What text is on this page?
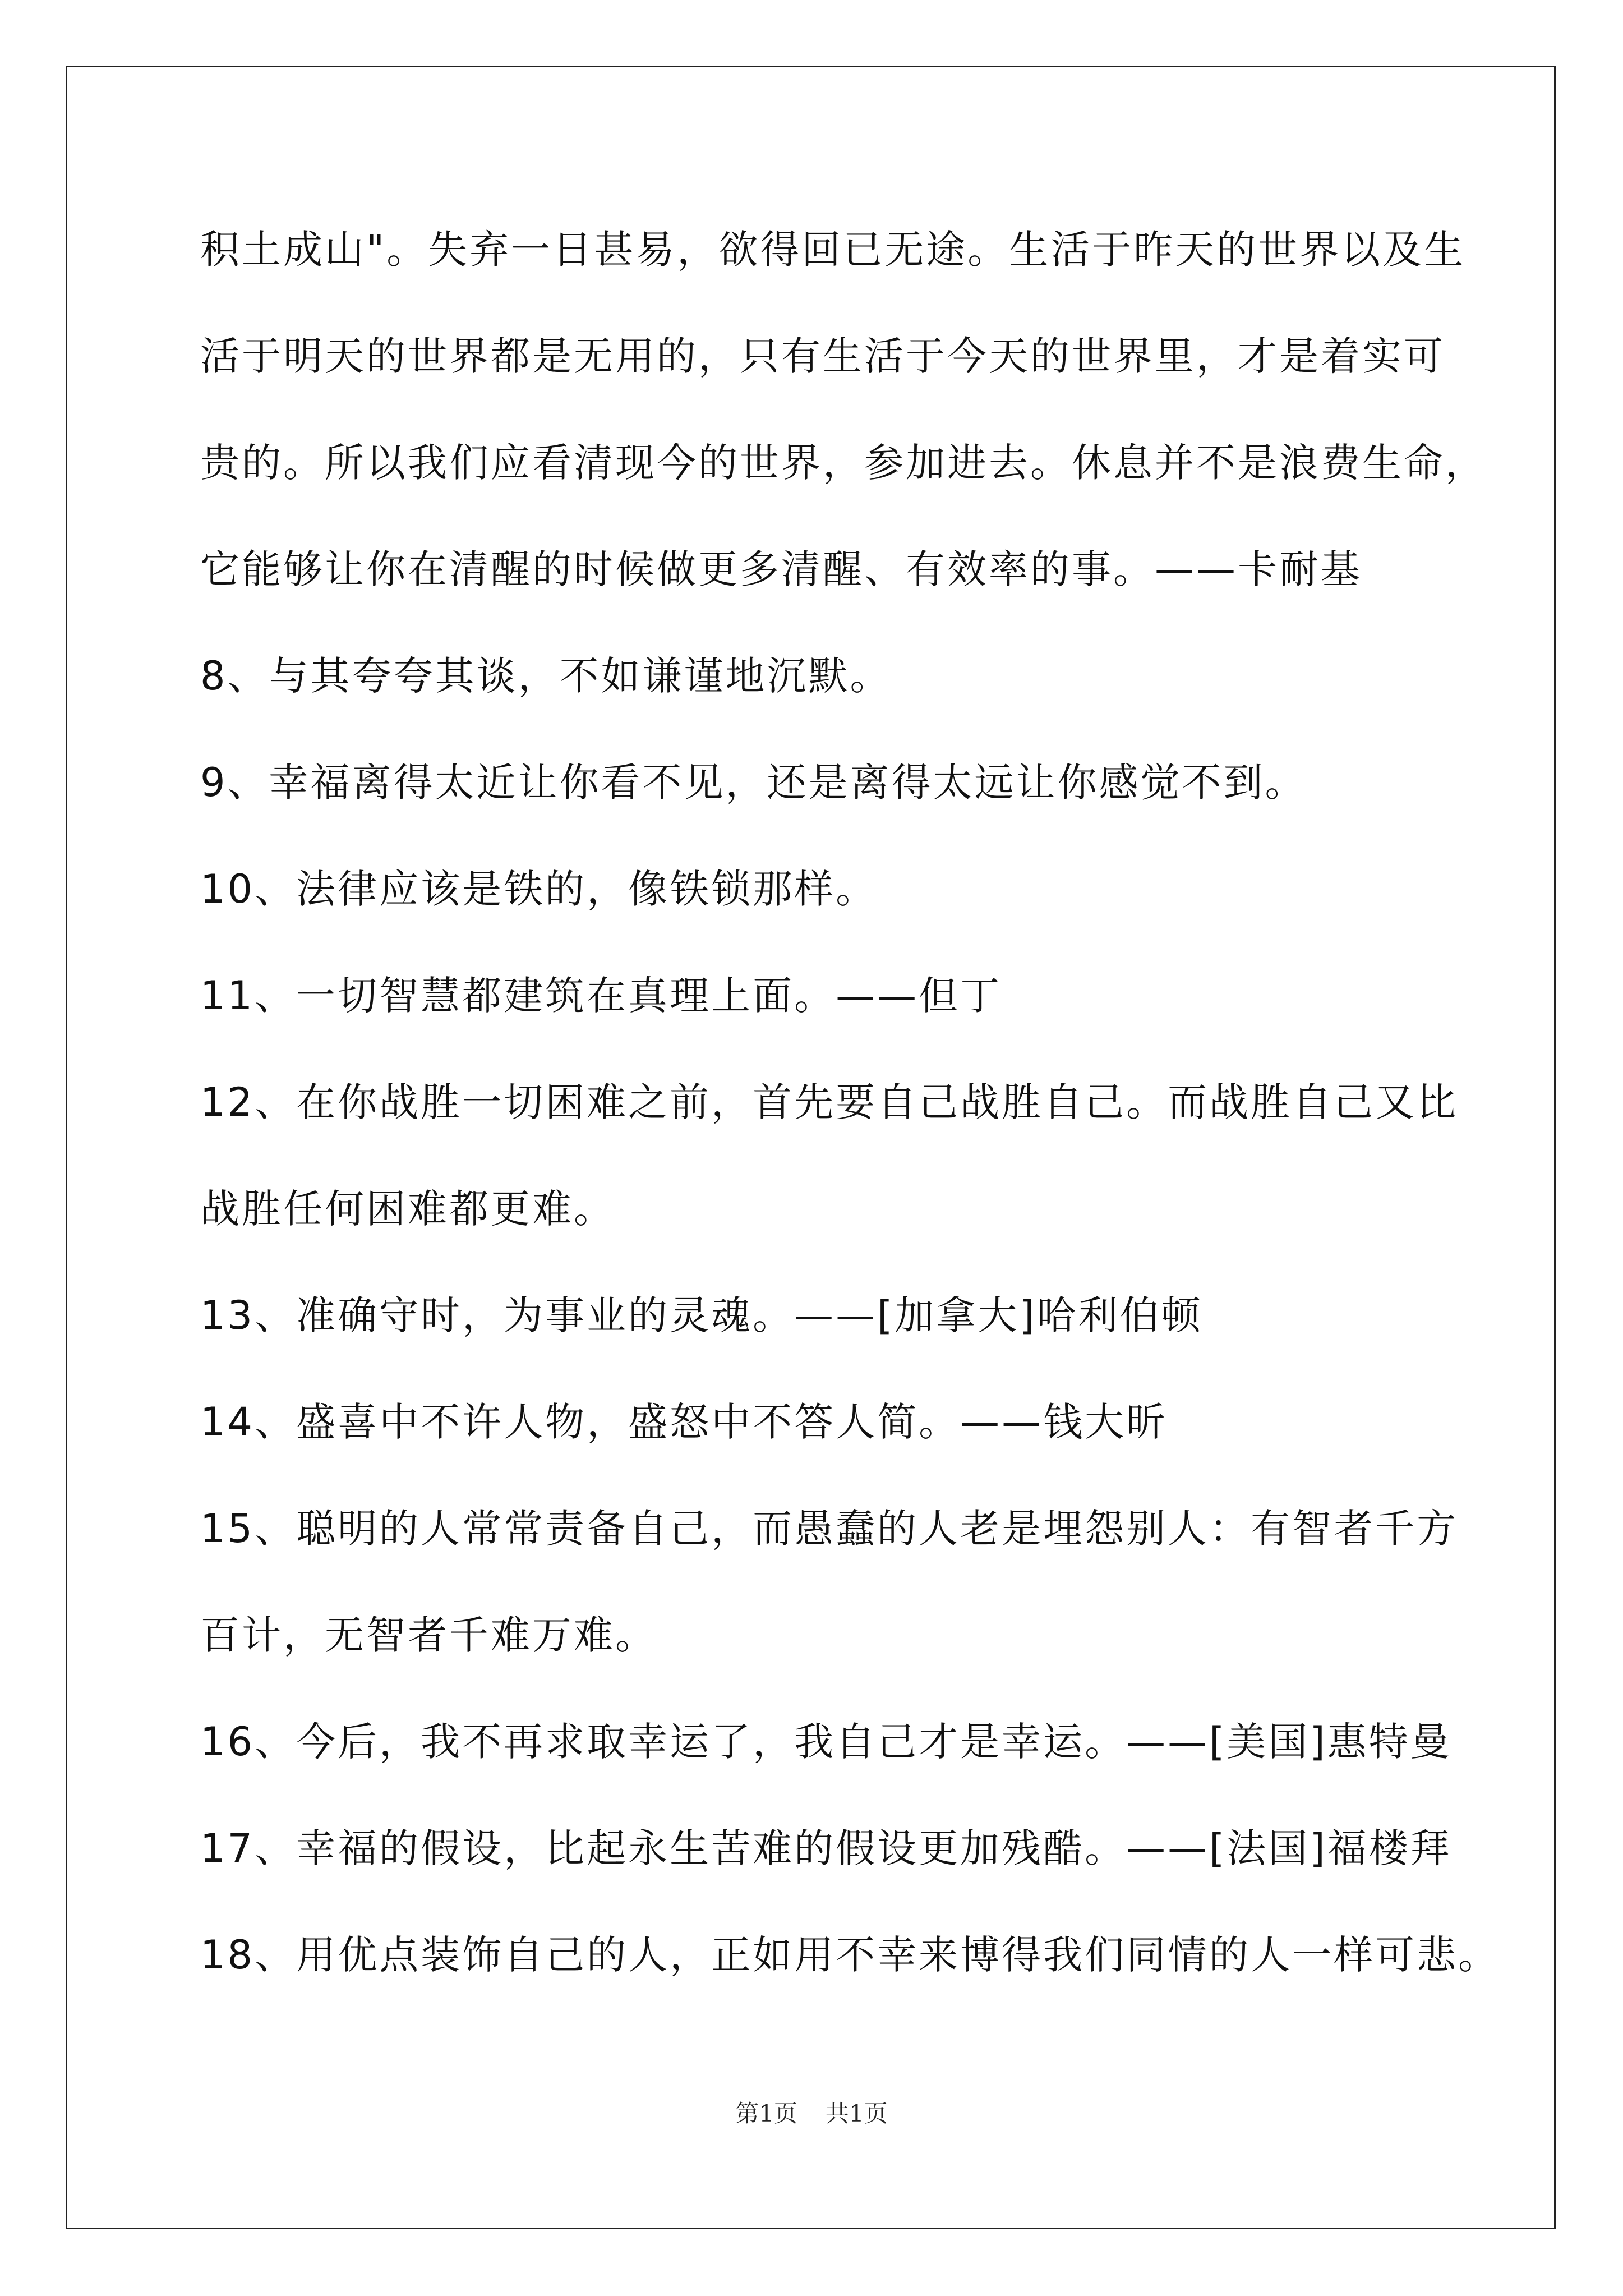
积土成山"。失弃一日甚易，欲得回已无途。生活于昨天的世界以及生

活于明天的世界都是无用的，只有生活于今天的世界里，才是着实可

贵的。所以我们应看清现今的世界，参加进去。休息并不是浪费生命，

它能够让你在清醒的时候做更多清醒、有效率的事。——卡耐基

8、与其夸夸其谈，不如谦谨地沉默。

9、幸福离得太近让你看不见，还是离得太远让你感觉不到。

10、法律应该是铁的，像铁锁那样。

11、一切智慧都建筑在真理上面。——但丁

12、在你战胜一切困难之前，首先要自己战胜自己。而战胜自己又比

战胜任何困难都更难。

13、准确守时，为事业的灵魂。——[加拿大]哈利伯顿

14、盛喜中不许人物，盛怒中不答人简。——钱大昕

15、聪明的人常常责备自己，而愚蠢的人老是埋怨别人：有智者千方

百计，无智者千难万难。

16、今后，我不再求取幸运了，我自己才是幸运。——[美国]惠特曼

17、幸福的假设，比起永生苦难的假设更加残酷。——[法国]福楼拜

18、用优点装饰自己的人，正如用不幸来博得我们同情的人一样可悲。

第1页 共1页
